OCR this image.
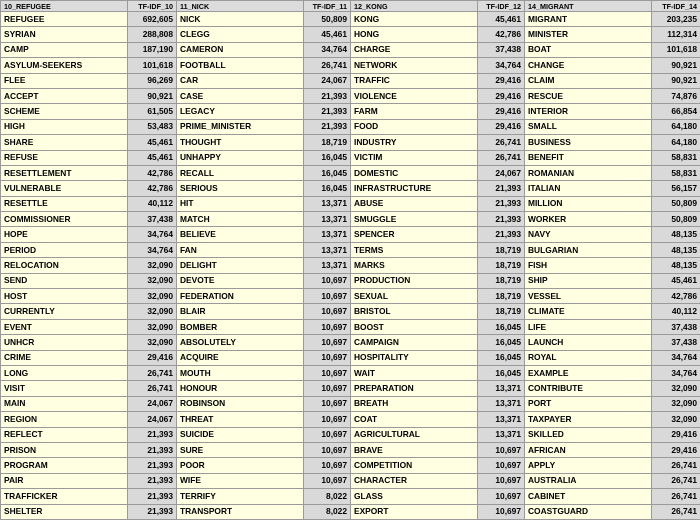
10_REFUGEE	TF-IDF_10	11_NICK	TF-IDF_11	12_KONG	TF-IDF_12	14_MIGRANT	TF-IDF_14
REFUGEE	692,605	NICK	50,809	KONG	45,461	MIGRANT	203,235
SYRIAN	288,808	CLEGG	45,461	HONG	42,786	MINISTER	112,314
CAMP	187,190	CAMERON	34,764	CHARGE	37,438	BOAT	101,618
ASYLUM-SEEKERS	101,618	FOOTBALL	26,741	NETWORK	34,764	CHANGE	90,921
FLEE	96,269	CAR	24,067	TRAFFIC	29,416	CLAIM	90,921
ACCEPT	90,921	CASE	21,393	VIOLENCE	29,416	RESCUE	74,876
SCHEME	61,505	LEGACY	21,393	FARM	29,416	INTERIOR	66,854
HIGH	53,483	PRIME_MINISTER	21,393	FOOD	29,416	SMALL	64,180
SHARE	45,461	THOUGHT	18,719	INDUSTRY	26,741	BUSINESS	64,180
REFUSE	45,461	UNHAPPY	16,045	VICTIM	26,741	BENEFIT	58,831
RESETTLEMENT	42,786	RECALL	16,045	DOMESTIC	24,067	ROMANIAN	58,831
VULNERABLE	42,786	SERIOUS	16,045	INFRASTRUCTURE	21,393	ITALIAN	56,157
RESETTLE	40,112	HIT	13,371	ABUSE	21,393	MILLION	50,809
COMMISSIONER	37,438	MATCH	13,371	SMUGGLE	21,393	WORKER	50,809
HOPE	34,764	BELIEVE	13,371	SPENCER	21,393	NAVY	48,135
PERIOD	34,764	FAN	13,371	TERMS	18,719	BULGARIAN	48,135
RELOCATION	32,090	DELIGHT	13,371	MARKS	18,719	FISH	48,135
SEND	32,090	DEVOTE	10,697	PRODUCTION	18,719	SHIP	45,461
HOST	32,090	FEDERATION	10,697	SEXUAL	18,719	VESSEL	42,786
CURRENTLY	32,090	BLAIR	10,697	BRISTOL	18,719	CLIMATE	40,112
EVENT	32,090	BOMBER	10,697	BOOST	16,045	LIFE	37,438
UNHCR	32,090	ABSOLUTELY	10,697	CAMPAIGN	16,045	LAUNCH	37,438
CRIME	29,416	ACQUIRE	10,697	HOSPITALITY	16,045	ROYAL	34,764
LONG	26,741	MOUTH	10,697	WAIT	16,045	EXAMPLE	34,764
VISIT	26,741	HONOUR	10,697	PREPARATION	13,371	CONTRIBUTE	32,090
MAIN	24,067	ROBINSON	10,697	BREATH	13,371	PORT	32,090
REGION	24,067	THREAT	10,697	COAT	13,371	TAXPAYER	32,090
REFLECT	21,393	SUICIDE	10,697	AGRICULTURAL	13,371	SKILLED	29,416
PRISON	21,393	SURE	10,697	BRAVE	10,697	AFRICAN	29,416
PROGRAM	21,393	POOR	10,697	COMPETITION	10,697	APPLY	26,741
PAIR	21,393	WIFE	10,697	CHARACTER	10,697	AUSTRALIA	26,741
TRAFFICKER	21,393	TERRIFY	8,022	GLASS	10,697	CABINET	26,741
SHELTER	21,393	TRANSPORT	8,022	EXPORT	10,697	COASTGUARD	26,741
